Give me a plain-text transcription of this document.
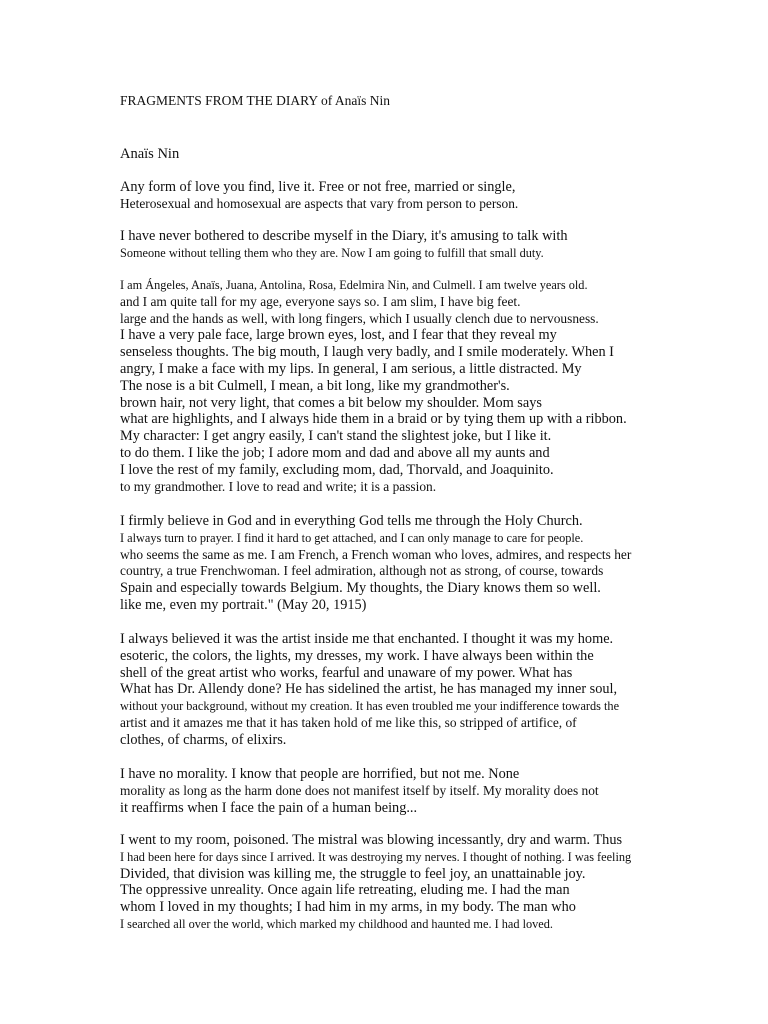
FRAGMENTS FROM THE DIARY of Anaïs Nin
Anaïs Nin
Any form of love you find, live it. Free or not free, married or single,
Heterosexual and homosexual are aspects that vary from person to person.
I have never bothered to describe myself in the Diary, it's amusing to talk with
Someone without telling them who they are. Now I am going to fulfill that small duty.
I am Ángeles, Anaïs, Juana, Antolina, Rosa, Edelmira Nin, and Culmell. I am twelve years old.
and I am quite tall for my age, everyone says so. I am slim, I have big feet.
large and the hands as well, with long fingers, which I usually clench due to nervousness.
I have a very pale face, large brown eyes, lost, and I fear that they reveal my
senseless thoughts. The big mouth, I laugh very badly, and I smile moderately. When I
angry, I make a face with my lips. In general, I am serious, a little distracted. My
The nose is a bit Culmell, I mean, a bit long, like my grandmother's.
brown hair, not very light, that comes a bit below my shoulder. Mom says
what are highlights, and I always hide them in a braid or by tying them up with a ribbon.
My character: I get angry easily, I can't stand the slightest joke, but I like it.
to do them. I like the job; I adore mom and dad and above all my aunts and
I love the rest of my family, excluding mom, dad, Thorvald, and Joaquinito.
to my grandmother. I love to read and write; it is a passion.
I firmly believe in God and in everything God tells me through the Holy Church.
I always turn to prayer. I find it hard to get attached, and I can only manage to care for people.
who seems the same as me. I am French, a French woman who loves, admires, and respects her
country, a true Frenchwoman. I feel admiration, although not as strong, of course, towards
Spain and especially towards Belgium. My thoughts, the Diary knows them so well.
like me, even my portrait." (May 20, 1915)
I always believed it was the artist inside me that enchanted. I thought it was my home.
esoteric, the colors, the lights, my dresses, my work. I have always been within the
shell of the great artist who works, fearful and unaware of my power. What has
What has Dr. Allendy done? He has sidelined the artist, he has managed my inner soul,
without your background, without my creation. It has even troubled me your indifference towards the
artist and it amazes me that it has taken hold of me like this, so stripped of artifice, of
clothes, of charms, of elixirs.
I have no morality. I know that people are horrified, but not me. None
morality as long as the harm done does not manifest itself by itself. My morality does not
it reaffirms when I face the pain of a human being...
I went to my room, poisoned. The mistral was blowing incessantly, dry and warm. Thus
I had been here for days since I arrived. It was destroying my nerves. I thought of nothing. I was feeling
Divided, that division was killing me, the struggle to feel joy, an unattainable joy.
The oppressive unreality. Once again life retreating, eluding me. I had the man
whom I loved in my thoughts; I had him in my arms, in my body. The man who
I searched all over the world, which marked my childhood and haunted me. I had loved.
